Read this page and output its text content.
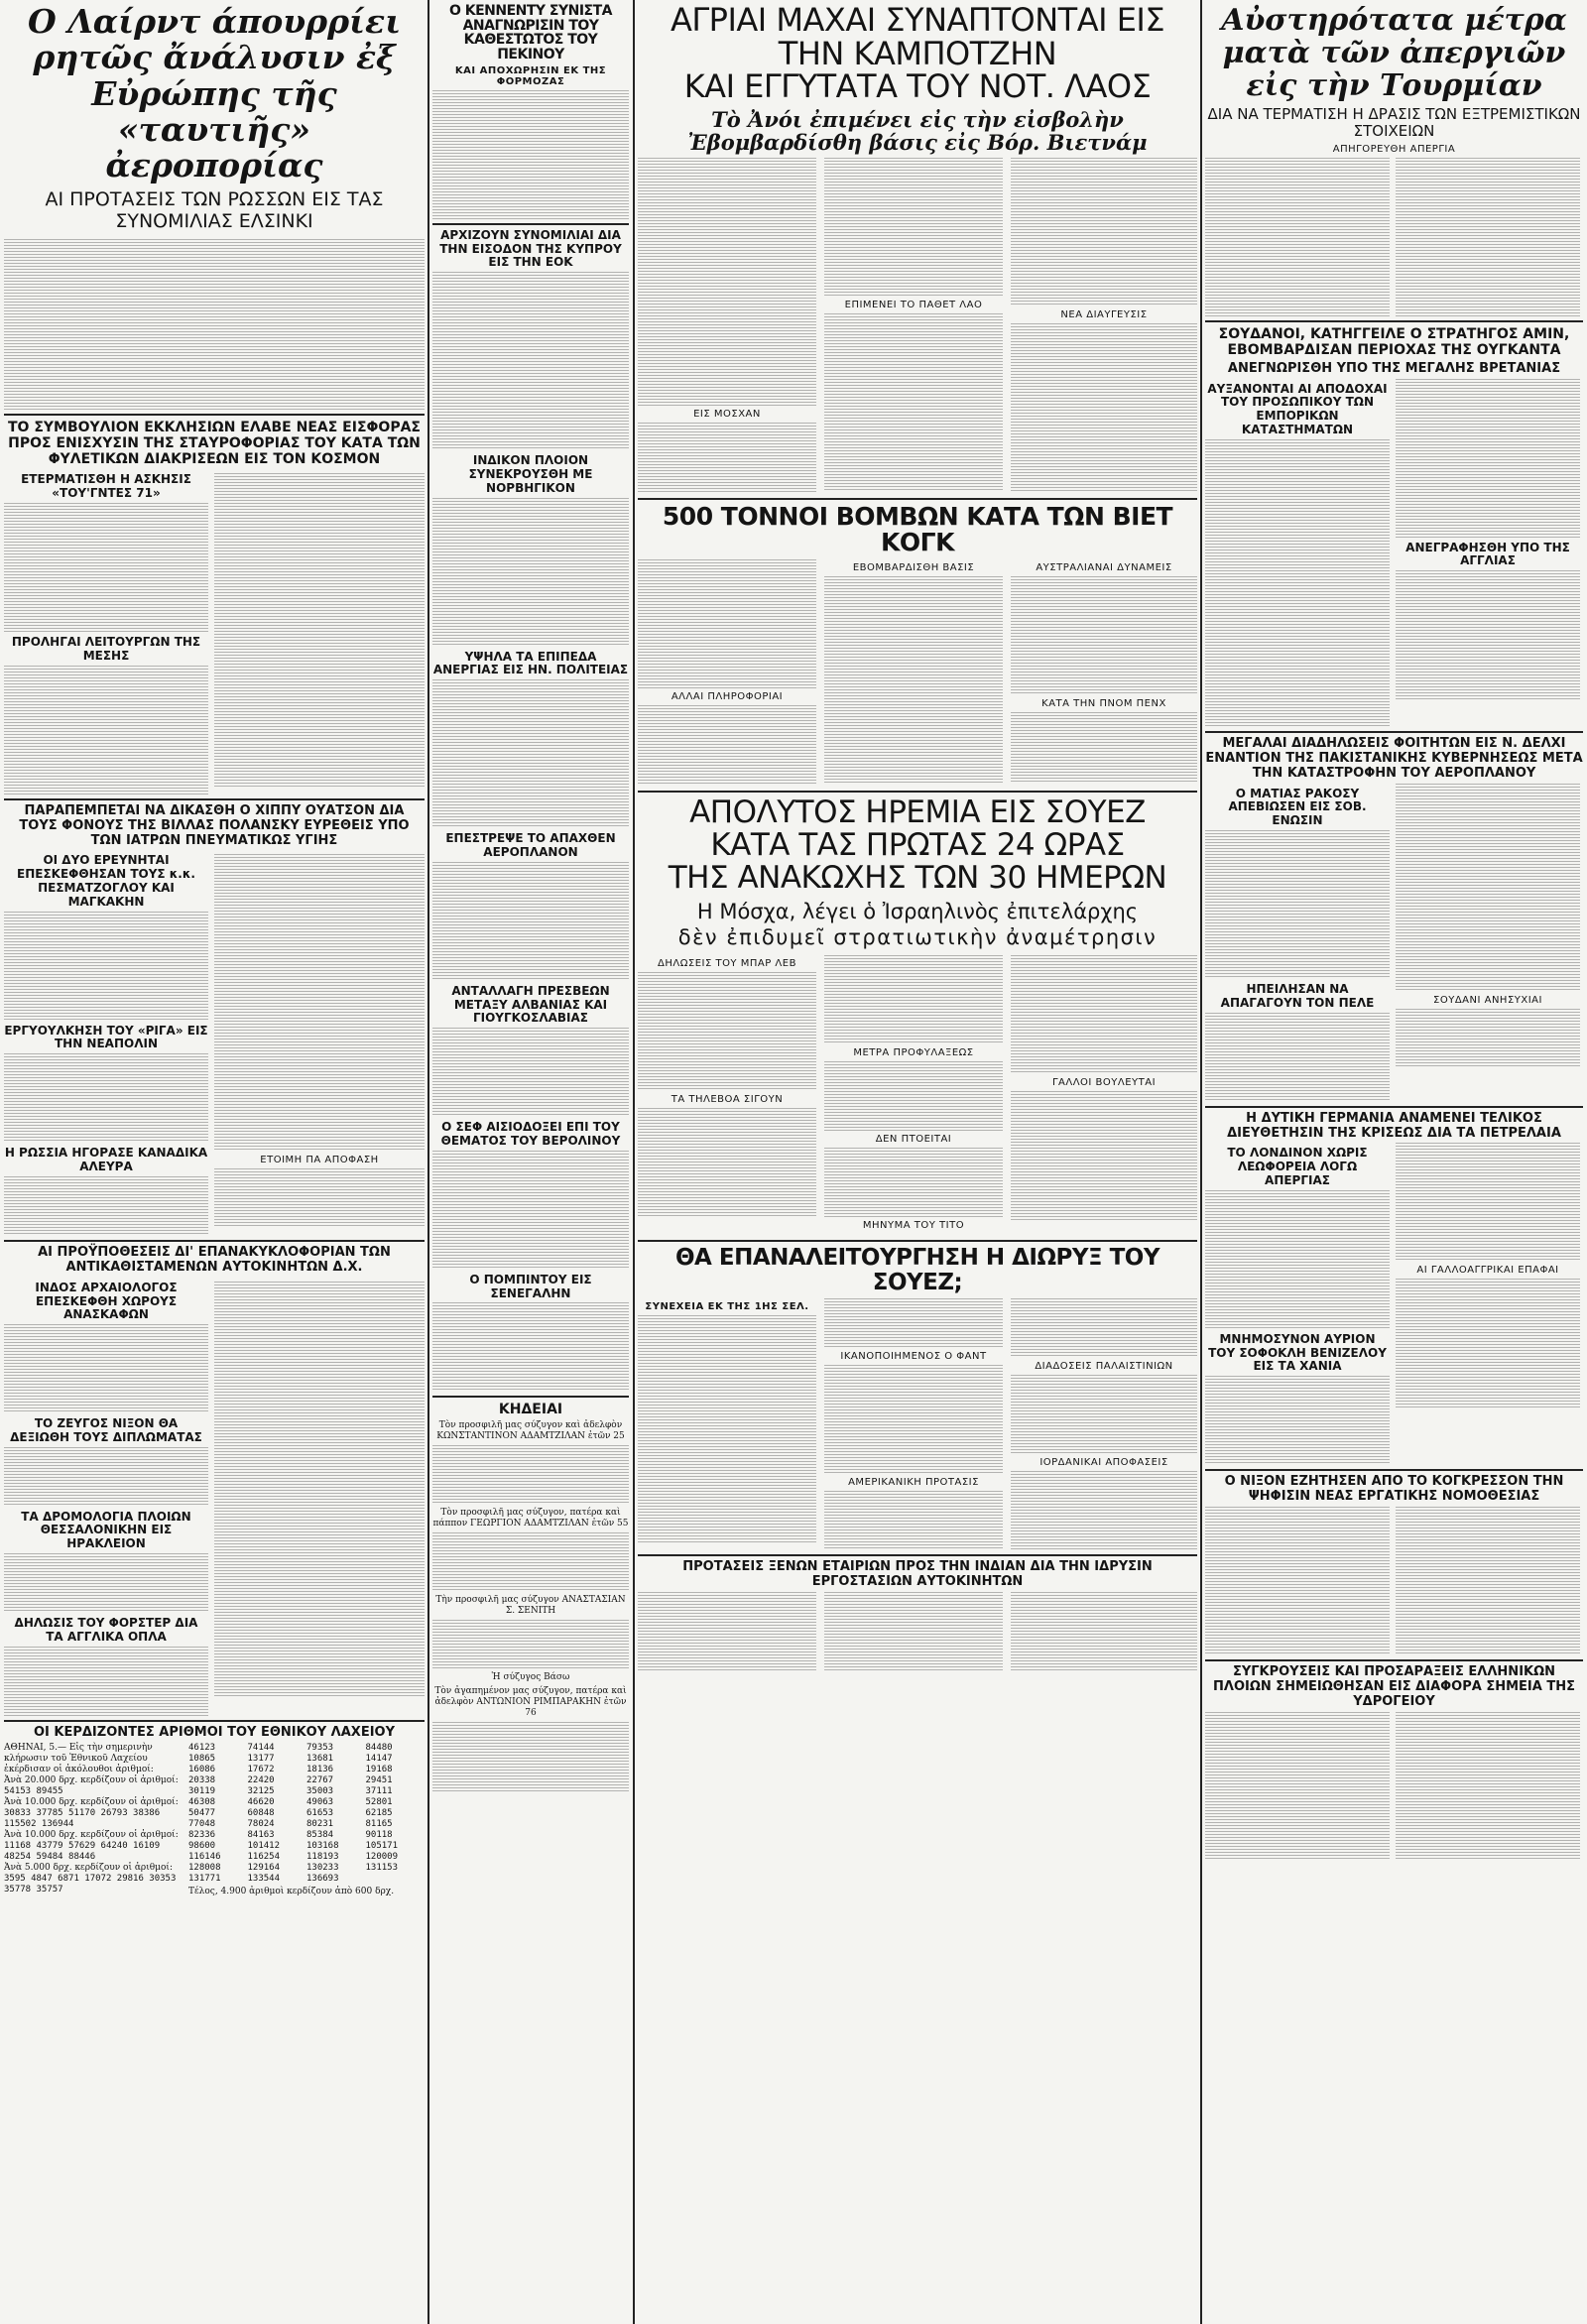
Ο Λαίρντ άπουρρίει ρητῶς ἄνάλυσιν ἐξ Εὐρώπης τῆς «ταυτιῆς» ἀεροπορίας
ΑΙ ΠΡΟΤΑΣΕΙΣ ΤΩΝ ΡΩΣΣΩΝ ΕΙΣ ΤΑΣ ΣΥΝΟΜΙΛΙΑΣ ΕΛΣΙΝΚΙ
ΤΟ ΣΥΜΒΟΥΛΙΟΝ ΕΚΚΛΗΣΙΩΝ ΕΛΑΒΕ ΝΕΑΣ ΕΙΣΦΟΡΑΣ ΠΡΟΣ ΕΝΙΣΧΥΣΙΝ ΤΗΣ ΣΤΑΥΡΟΦΟΡΙΑΣ ΤΟΥ ΚΑΤΑ ΤΩΝ ΦΥΛΕΤΙΚΩΝ ΔΙΑΚΡΙΣΕΩΝ ΕΙΣ ΤΟΝ ΚΟΣΜΟΝ
ΕΤΕΡΜΑΤΙΣΘΗ Η ΑΣΚΗΣΙΣ «ΤΟΥ'ΓΝΤΕΣ 71»
ΠΡΟΛΗΓΑΙ ΛΕΙΤΟΥΡΓΩΝ ΤΗΣ ΜΕΣΗΣ
ΠΑΡΑΠΕΜΠΕΤΑΙ ΝΑ ΔΙΚΑΣΘΗ Ο ΧΙΠΠΥ ΟΥΑΤΣΟΝ ΔΙΑ ΤΟΥΣ ΦΟΝΟΥΣ ΤΗΣ ΒΙΛΛΑΣ ΠΟΛΑΝΣΚΥ ΕΥΡΕΘΕΙΣ ΥΠΟ ΤΩΝ ΙΑΤΡΩΝ ΠΝΕΥΜΑΤΙΚΩΣ ΥΓΙΗΣ
ΟΙ ΔΥΟ ΕΡΕΥΝΗΤΑΙ ΕΠΕΣΚΕΦΘΗΣΑΝ ΤΟΥΣ κ.κ. ΠΕΣΜΑΤΖΟΓΛΟΥ ΚΑΙ ΜΑΓΚΑΚΗΝ
ΕΡΓΥΟΥΛΚΗΣΗ ΤΟΥ «ΡΙΓΑ» ΕΙΣ ΤΗΝ ΝΕΑΠΟΛΙΝ
Η ΡΩΣΣΙΑ ΗΓΟΡΑΣΕ ΚΑΝΑΔΙΚΑ ΑΛΕΥΡΑ	ΕΤΟΙΜΗ ΠΑ ΑΠΟΦΑΣΗ
ΑΙ ΠΡΟΫΠΟΘΕΣΕΙΣ ΔΙ' ΕΠΑΝΑΚΥΚΛΟΦΟΡΙΑΝ ΤΩΝ ΑΝΤΙΚΑΘΙΣΤΑΜΕΝΩΝ ΑΥΤΟΚΙΝΗΤΩΝ Δ.Χ.
ΙΝΔΟΣ ΑΡΧΑΙΟΛΟΓΟΣ ΕΠΕΣΚΕΦΘΗ ΧΩΡΟΥΣ ΑΝΑΣΚΑΦΩΝ
ΤΟ ΖΕΥΓΟΣ ΝΙΞΟΝ ΘΑ ΔΕΞΙΩΘΗ ΤΟΥΣ ΔΙΠΛΩΜΑΤΑΣ
ΤΑ ΔΡΟΜΟΛΟΓΙΑ ΠΛΟΙΩΝ ΘΕΣΣΑΛΟΝΙΚΗΝ ΕΙΣ ΗΡΑΚΛΕΙΟΝ
ΔΗΛΩΣΙΣ ΤΟΥ ΦΟΡΣΤΕΡ ΔΙΑ ΤΑ ΑΓΓΛΙΚΑ ΟΠΛΑ
ΟΙ ΚΕΡΔΙΖΟΝΤΕΣ ΑΡΙΘΜΟΙ ΤΟΥ ΕΘΝΙΚΟΥ ΛΑΧΕΙΟΥ
ΑΘΗΝΑΙ, 5.— Εἰς τὴν σημερινὴν κλήρωσιν τοῦ Ἐθνικοῦ Λαχείου ἐκέρδισαν οἱ ἀκόλουθοι ἀριθμοί:
Ἀνὰ 20.000 δρχ. κερδίζουν οἱ ἀριθμοί:
54153 89455
Ἀνὰ 10.000 δρχ. κερδίζουν οἱ ἀριθμοί:
30833 37785 51170 26793 38386 115502 136944
Ἀνὰ 10.000 δρχ. κερδίζουν οἱ ἀριθμοί:
11168 43779 57629 64240 16109 48254 59484 88446
Ἀνὰ 5.000 δρχ. κερδίζουν οἱ ἀριθμοί:
3595 4847 6871 17072 29816 30353 35778 35757
46123	74144	79353	84480
10865	13177	13681	14147
16086	17672	18136	19168
20338	22420	22767	29451
30119	32125	35003	37111
46308	46620	49063	52801
50477	60848	61653	62185
77048	78024	80231	81165
82336	84163	85384	90118
98600	101412	103168	105171
116146	116254	118193	120009
128008	129164	130233	131153
131771	133544	136693
Τέλος, 4.900 ἀριθμοὶ κερδίζουν ἀπὸ 600 δρχ.
Ο ΚΕΝΝΕΝΤΥ ΣΥΝΙΣΤΑ ΑΝΑΓΝΩΡΙΣΙΝ ΤΟΥ ΚΑΘΕΣΤΩΤΟΣ ΤΟΥ ΠΕΚΙΝΟΥ
ΚΑΙ ΑΠΟΧΩΡΗΣΙΝ ΕΚ ΤΗΣ ΦΟΡΜΟΖΑΣ
ΑΡΧΙΖΟΥΝ ΣΥΝΟΜΙΛΙΑΙ ΔΙΑ ΤΗΝ ΕΙΣΟΔΟΝ ΤΗΣ ΚΥΠΡΟΥ ΕΙΣ ΤΗΝ ΕΟΚ
ΙΝΔΙΚΟΝ ΠΛΟΙΟΝ ΣΥΝΕΚΡΟΥΣΘΗ ΜΕ ΝΟΡΒΗΓΙΚΟΝ
ΥΨΗΛΑ ΤΑ ΕΠΙΠΕΔΑ ΑΝΕΡΓΙΑΣ ΕΙΣ ΗΝ. ΠΟΛΙΤΕΙΑΣ
ΕΠΕΣΤΡΕΨΕ ΤΟ ΑΠΑΧΘΕΝ ΑΕΡΟΠΛΑΝΟΝ
ΑΝΤΑΛΛΑΓΗ ΠΡΕΣΒΕΩΝ ΜΕΤΑΞΥ ΑΛΒΑΝΙΑΣ ΚΑΙ ΓΙΟΥΓΚΟΣΛΑΒΙΑΣ
Ο ΣΕΦ ΑΙΣΙΟΔΟΞΕΙ ΕΠΙ ΤΟΥ ΘΕΜΑΤΟΣ ΤΟΥ ΒΕΡΟΛΙΝΟΥ
Ο ΠΟΜΠΙΝΤΟΥ ΕΙΣ ΣΕΝΕΓΑΛΗΝ
ΚΗΔΕΙΑΙ
Τὸν προσφιλῆ μας σύζυγον καὶ ἀδελφὸν ΚΩΝΣΤΑΝΤΙΝΟΝ ΑΔΑΜΤΖΙΛΑΝ ἐτῶν 25
Τὸν προσφιλῆ μας σύζυγον, πατέρα καὶ πάππον ΓΕΩΡΓΙΟΝ ΑΔΑΜΤΖΙΛΑΝ ἐτῶν 55
Τὴν προσφιλῆ μας σύζυγον ΑΝΑΣΤΑΣΙΑΝ Σ. ΣΕΝΙΤΗ
Ἡ σύζυγος Βάσω
Τὸν ἀγαπημένον μας σύζυγον, πατέρα καὶ ἀδελφὸν ΑΝΤΩΝΙΟΝ ΡΙΜΠΑΡΑΚΗΝ ἐτῶν 76
ΑΓΡΙΑΙ ΜΑΧΑΙ ΣΥΝΑΠΤΟΝΤΑΙ ΕΙΣ ΤΗΝ ΚΑΜΠΟΤΖΗΝ
ΚΑΙ ΕΓΓΥΤΑΤΑ ΤΟΥ ΝΟΤ. ΛΑΟΣ
Τὸ Ἀνόι ἐπιμένει εἰς τὴν εἰσβολὴν
Ἐβομβαρδίσθη βάσις εἰς Βόρ. Βιετνάμ
ΕΙΣ ΜΟΣΧΑΝ
ΕΠΙΜΕΝΕΙ ΤΟ ΠΑΘΕΤ ΛΑΟ
ΝΕΑ ΔΙΑΥΓΕΥΣΙΣ
500 ΤΟΝΝΟΙ ΒΟΜΒΩΝ ΚΑΤΑ ΤΩΝ ΒΙΕΤ ΚΟΓΚ
ΑΛΛΑΙ ΠΛΗΡΟΦΟΡΙΑΙ
ΕΒΟΜΒΑΡΔΙΣΘΗ ΒΑΣΙΣ	ΑΥΣΤΡΑΛΙΑΝΑΙ ΔΥΝΑΜΕΙΣ
ΚΑΤΑ ΤΗΝ ΠΝΟΜ ΠΕΝΧ
ΑΠΟΛΥΤΟΣ ΗΡΕΜΙΑ ΕΙΣ ΣΟΥΕΖ
ΚΑΤΑ ΤΑΣ ΠΡΩΤΑΣ 24 ΩΡΑΣ
ΤΗΣ ΑΝΑΚΩΧΗΣ ΤΩΝ 30 ΗΜΕΡΩΝ
Η Μόσχα, λέγει ὁ Ἰσραηλινὸς ἐπιτελάρχης
δὲν ἐπιδυμεῖ στρατιωτικὴν ἀναμέτρησιν
ΔΗΛΩΣΕΙΣ ΤΟΥ ΜΠΑΡ ΛΕΒ
ΤΑ ΤΗΛΕΒΟΑ ΣΙΓΟΥΝ
ΜΕΤΡΑ ΠΡΟΦΥΛΑΞΕΩΣ
ΔΕΝ ΠΤΟΕΙΤΑΙ
ΜΗΝΥΜΑ ΤΟΥ ΤΙΤΟ
ΓΑΛΛΟΙ ΒΟΥΛΕΥΤΑΙ
ΘΑ ΕΠΑΝΑΛΕΙΤΟΥΡΓΗΣΗ Η ΔΙΩΡΥΞ ΤΟΥ ΣΟΥΕΖ;
ΣΥΝΕΧΕΙΑ ΕΚ ΤΗΣ 1ΗΣ ΣΕΛ.
ΙΚΑΝΟΠΟΙΗΜΕΝΟΣ Ο ΦΑΝΤ
ΑΜΕΡΙΚΑΝΙΚΗ ΠΡΟΤΑΣΙΣ
ΔΙΑΔΟΣΕΙΣ ΠΑΛΑΙΣΤΙΝΙΩΝ
ΙΟΡΔΑΝΙΚΑΙ ΑΠΟΦΑΣΕΙΣ
ΠΡΟΤΑΣΕΙΣ ΞΕΝΩΝ ΕΤΑΙΡΙΩΝ ΠΡΟΣ ΤΗΝ ΙΝΔΙΑΝ ΔΙΑ ΤΗΝ ΙΔΡΥΣΙΝ ΕΡΓΟΣΤΑΣΙΩΝ ΑΥΤΟΚΙΝΗΤΩΝ
Αὐστηρότατα μέτρα ματὰ τῶν ἀπεργιῶν εἰς τὴν Τουρμίαν
ΔΙΑ ΝΑ ΤΕΡΜΑΤΙΣΗ Η ΔΡΑΣΙΣ ΤΩΝ ΕΞΤΡΕΜΙΣΤΙΚΩΝ ΣΤΟΙΧΕΙΩΝ
ΑΠΗΓΟΡΕΥΘΗ ΑΠΕΡΓΙΑ
ΣΟΥΔΑΝΟΙ, ΚΑΤΗΓΓΕΙΛΕ Ο ΣΤΡΑΤΗΓΟΣ ΑΜΙΝ, ΕΒΟΜΒΑΡΔΙΣΑΝ ΠΕΡΙΟΧΑΣ ΤΗΣ ΟΥΓΚΑΝΤΑ
ΑΝΕΓΝΩΡΙΣΘΗ ΥΠΟ ΤΗΣ ΜΕΓΑΛΗΣ ΒΡΕΤΑΝΙΑΣ
ΑΥΞΑΝΟΝΤΑΙ ΑΙ ΑΠΟΔΟΧΑΙ ΤΟΥ ΠΡΟΣΩΠΙΚΟΥ ΤΩΝ ΕΜΠΟΡΙΚΩΝ ΚΑΤΑΣΤΗΜΑΤΩΝ
ΑΝΕΓΡΑΦΗΣΘΗ ΥΠΟ ΤΗΣ ΑΓΓΛΙΑΣ
ΜΕΓΑΛΑΙ ΔΙΑΔΗΛΩΣΕΙΣ ΦΟΙΤΗΤΩΝ ΕΙΣ Ν. ΔΕΛΧΙ ΕΝΑΝΤΙΟΝ ΤΗΣ ΠΑΚΙΣΤΑΝΙΚΗΣ ΚΥΒΕΡΝΗΣΕΩΣ ΜΕΤΑ ΤΗΝ ΚΑΤΑΣΤΡΟΦΗΝ ΤΟΥ ΑΕΡΟΠΛΑΝΟΥ
Ο ΜΑΤΙΑΣ ΡΑΚΟΣΥ ΑΠΕΒΙΩΣΕΝ ΕΙΣ ΣΟΒ. ΕΝΩΣΙΝ
ΗΠΕΙΛΗΣΑΝ ΝΑ ΑΠΑΓΑΓΟΥΝ ΤΟΝ ΠΕΛΕ	ΣΟΥΔΑΝΙ ΑΝΗΣΥΧΙΑΙ
Η ΔΥΤΙΚΗ ΓΕΡΜΑΝΙΑ ΑΝΑΜΕΝΕΙ ΤΕΛΙΚΟΣ ΔΙΕΥΘΕΤΗΣΙΝ ΤΗΣ ΚΡΙΣΕΩΣ ΔΙΑ ΤΑ ΠΕΤΡΕΛΑΙΑ
ΤΟ ΛΟΝΔΙΝΟΝ ΧΩΡΙΣ ΛΕΩΦΟΡΕΙΑ ΛΟΓΩ ΑΠΕΡΓΙΑΣ
ΜΝΗΜΟΣΥΝΟΝ ΑΥΡΙΟΝ ΤΟΥ ΣΟΦΟΚΛΗ ΒΕΝΙΖΕΛΟΥ ΕΙΣ ΤΑ ΧΑΝΙΑ
ΑΙ ΓΑΛΛΟΑΓΓΡΙΚΑΙ ΕΠΑΦΑΙ
Ο ΝΙΞΟΝ ΕΖΗΤΗΣΕΝ ΑΠΟ ΤΟ ΚΟΓΚΡΕΣΣΟΝ ΤΗΝ ΨΗΦΙΣΙΝ ΝΕΑΣ ΕΡΓΑΤΙΚΗΣ ΝΟΜΟΘΕΣΙΑΣ
ΣΥΓΚΡΟΥΣΕΙΣ ΚΑΙ ΠΡΟΣΑΡΑΞΕΙΣ ΕΛΛΗΝΙΚΩΝ ΠΛΟΙΩΝ ΣΗΜΕΙΩΘΗΣΑΝ ΕΙΣ ΔΙΑΦΟΡΑ ΣΗΜΕΙΑ ΤΗΣ ΥΔΡΟΓΕΙΟΥ
